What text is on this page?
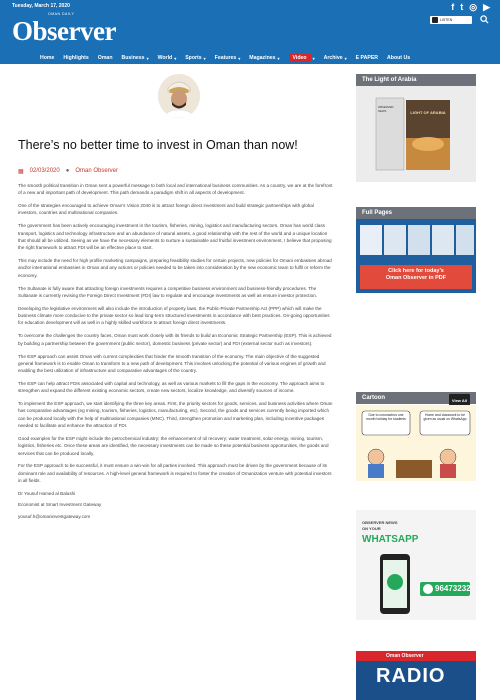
Tuesday, March 17, 2020
OMAN DAILY
Observer
f t ◎ ▶
LISTEN
Home Highlights Oman Business ▾ World ▾ Sports ▾ Features ▾ Magazines ▾	Video	▾ Archive ▾ E PAPER About Us
There’s no better time to invest in Oman than now!
▦ 02/03/2020 ● Oman Observer

The smooth political transition in Oman sent a powerful message to both local and international business communities. As a country, we are at the forefront of a new and important path of development. This path demands a paradigm shift in all aspects of development.

One of the strategies encouraged to achieve Oman’s Vision 2040 is to attract foreign direct investment and build strategic partnerships with global investors, countries and multinational companies.

The government has been actively encouraging investment in the tourism, fisheries, mining, logistics and manufacturing sectors. Oman has world class transport, logistics and technology infrastructure and an abundance of natural assets, a good relationship with the rest of the world and a unique location that should all be utilized. Seeing as we have the necessary elements to nurture a sustainable and fruitful investment environment, I believe that proposing the right framework to attract FDI will be an effective place to start.

This may include the need for high profile marketing campaigns, preparing feasibility studies for certain projects, new policies for Omani embassies abroad and/or international embassies in Oman and any actions or policies needed to be taken into consideration by the new economic team to fulfil or reform the economy.

The Sultanate is fully aware that attracting foreign investments requires a competitive business environment and business-friendly procedures. The Sultanate is currently revising the Foreign Direct Investment (FDI) law to regulate and encourage investments as well as ensure investor protection.

Developing the legislative environment will also include the introduction of property laws, the Public-Private Partnership Act (PPP) which will make the business climate more conducive to the private sector so lead long-term structured investments in accordance with best practices. On-going opportunities for education development will as well in a highly skilled workforce to attract foreign direct investments.

To overcome the challenges the country faces, Oman must work closely with its friends to build an Economic Strategic Partnership (ESP). This is achieved by building a partnership between the government (public sector), domestic business (private sector) and FDI (external sector such as investors).

The ESP approach can assist Oman with current complexities that hinder the smooth transition of the economy. The main objective of the suggested general framework is to enable Oman to transform to a new path of development. This involves unlocking the potential of various engines of growth and enabling the best utilization of infrastructure and comparative advantages of the country.

The ESP can help attract FDIs associated with capital and technology, as well as various markets to fill the gaps in the economy. The approach aims to strengthen and expand the different existing economic sectors, create new sectors, localize knowledge, and diversify sources of income.

To implement the ESP approach, we start identifying the three key areas. First, the priority sectors for goods, services, and business activities where Oman has comparative advantages (eg mining, tourism, fisheries, logistics, manufacturing, etc). Second, the goods and services currently being imported which can be produced locally with the help of multinational companies (MNC). Third, strengthen promotion and marketing plan, including incentive packages needed to facilitate and enhance the attraction of FDI.

Good examples for the ESP might include the petrochemical industry; the enhancement of oil recovery; water treatment, solar energy, mining, tourism, logistics, fisheries etc. Once these areas are identified, the necessary investments can be made so these potential business opportunities, the goods and services that can be produced locally.

For the ESP approach to be successful, it must ensure a win-win for all parties involved. This approach must be driven by the government because of its dominant role and availability of resources. A high-level general framework is required to foster the creation of Omanization venture with potential investors in all fields.

Dr Yousuf Hamed al Balushi

Economist at Smart Investment Gateway

yousuf.h@omaninvestgateway.com

The Light of Arabia
OBSERVER NEWS	LIGHT OF ARABIA
Full Pages
Click here for today’s
Oman Observer in PDF
Cartoon	View All
Due to coronavirus one month holiday for students
Home and classwork to be given as usual on WhatsApp
OBSERVER NEWS
ON YOUR
WHATSAPP
96473232
Oman Observer
RADIO
